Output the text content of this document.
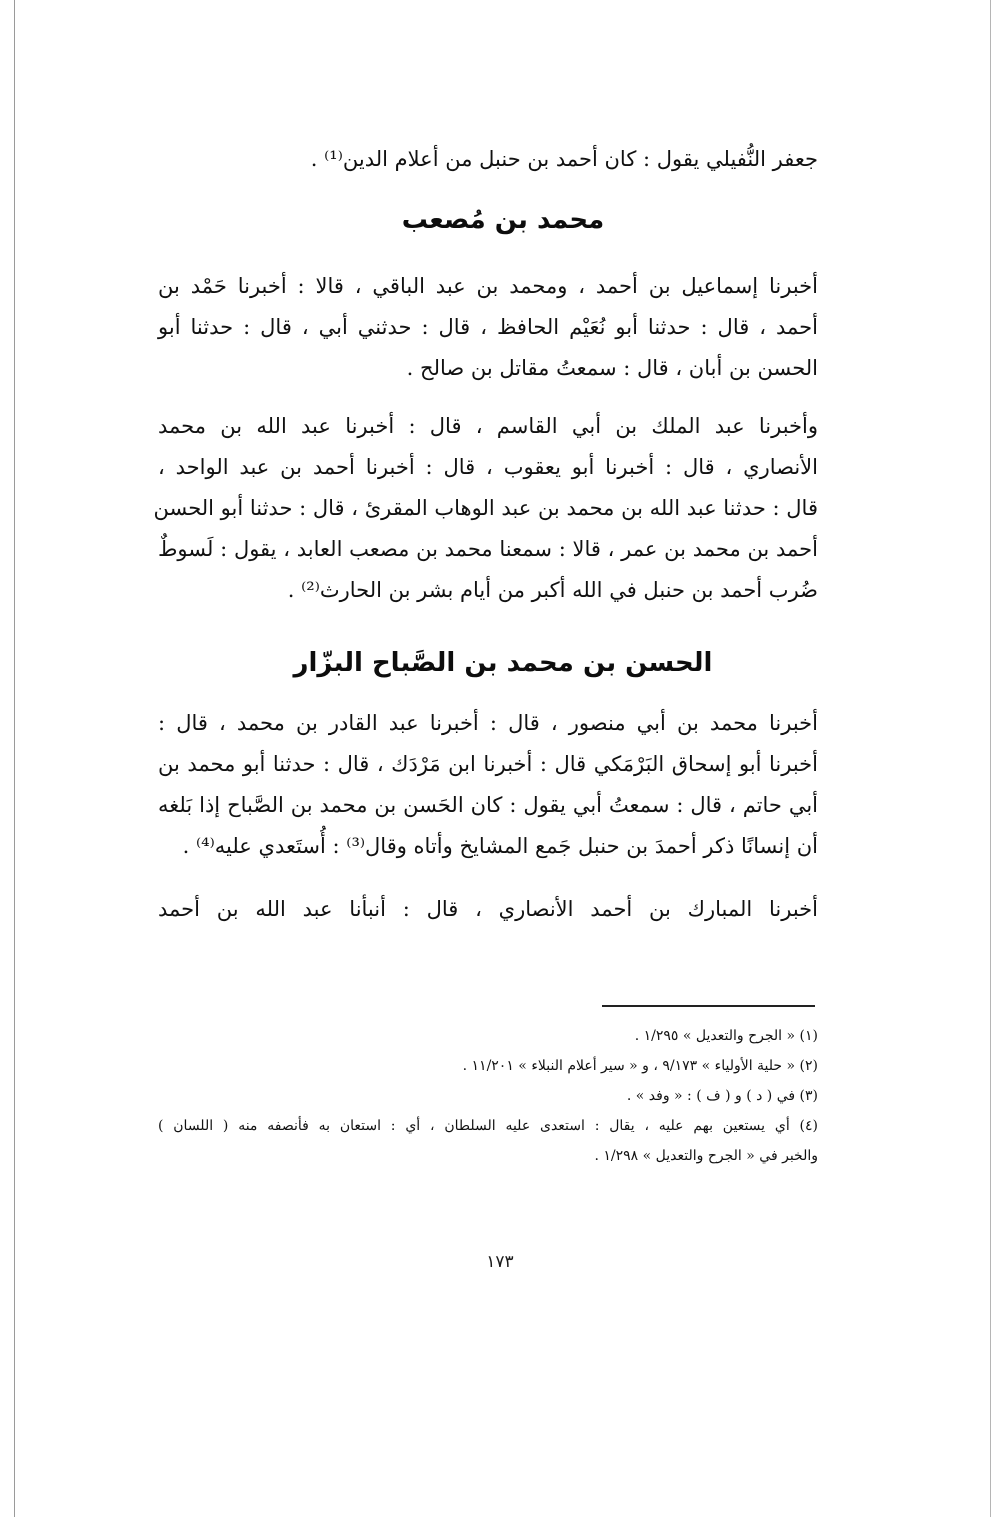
جعفر النُّفيلي يقول : كان أحمد بن حنبل من أعلام الدين⁽¹⁾ .
محمد بن مُصعب
أخبرنا إسماعيل بن أحمد ، ومحمد بن عبد الباقي ، قالا : أخبرنا حَمْد بن
أحمد ، قال : حدثنا أبو نُعَيْم الحافظ ، قال : حدثني أبي ، قال : حدثنا أبو
الحسن بن أبان ، قال : سمعتُ مقاتل بن صالح .
وأخبرنا عبد الملك بن أبي القاسم ، قال : أخبرنا عبد الله بن محمد
الأنصاري ، قال : أخبرنا أبو يعقوب ، قال : أخبرنا أحمد بن عبد الواحد ،
قال : حدثنا عبد الله بن محمد بن عبد الوهاب المقرئ ، قال : حدثنا أبو الحسن
أحمد بن محمد بن عمر ، قالا : سمعنا محمد بن مصعب العابد ، يقول : لَسوطٌ
ضُرب أحمد بن حنبل في الله أكبر من أيام بشر بن الحارث⁽²⁾ .
الحسن بن محمد بن الصَّباح البزّار
أخبرنا محمد بن أبي منصور ، قال : أخبرنا عبد القادر بن محمد ، قال :
أخبرنا أبو إسحاق البَرْمَكي قال : أخبرنا ابن مَرْدَك ، قال : حدثنا أبو محمد بن
أبي حاتم ، قال : سمعتُ أبي يقول : كان الحَسن بن محمد بن الصَّباح إذا بَلغه
أن إنسانًا ذكر أحمدَ بن حنبل جَمع المشايخ وأتاه وقال⁽³⁾ : أُستَعدي عليه⁽⁴⁾ .
أخبرنا المبارك بن أحمد الأنصاري ، قال : أنبأنا عبد الله بن أحمد
(١) « الجرح والتعديل » ١/٢٩٥ .
(٢) « حلية الأولياء » ٩/١٧٣ ، و « سير أعلام النبلاء » ١١/٢٠١ .
(٣) في ( د ) و ( ف ) : « وفد » .
(٤) أي يستعين بهم عليه ، يقال : استعدى عليه السلطان ، أي : استعان به فأنصفه منه ( اللسان )
والخبر في « الجرح والتعديل » ١/٢٩٨ .
١٧٣
